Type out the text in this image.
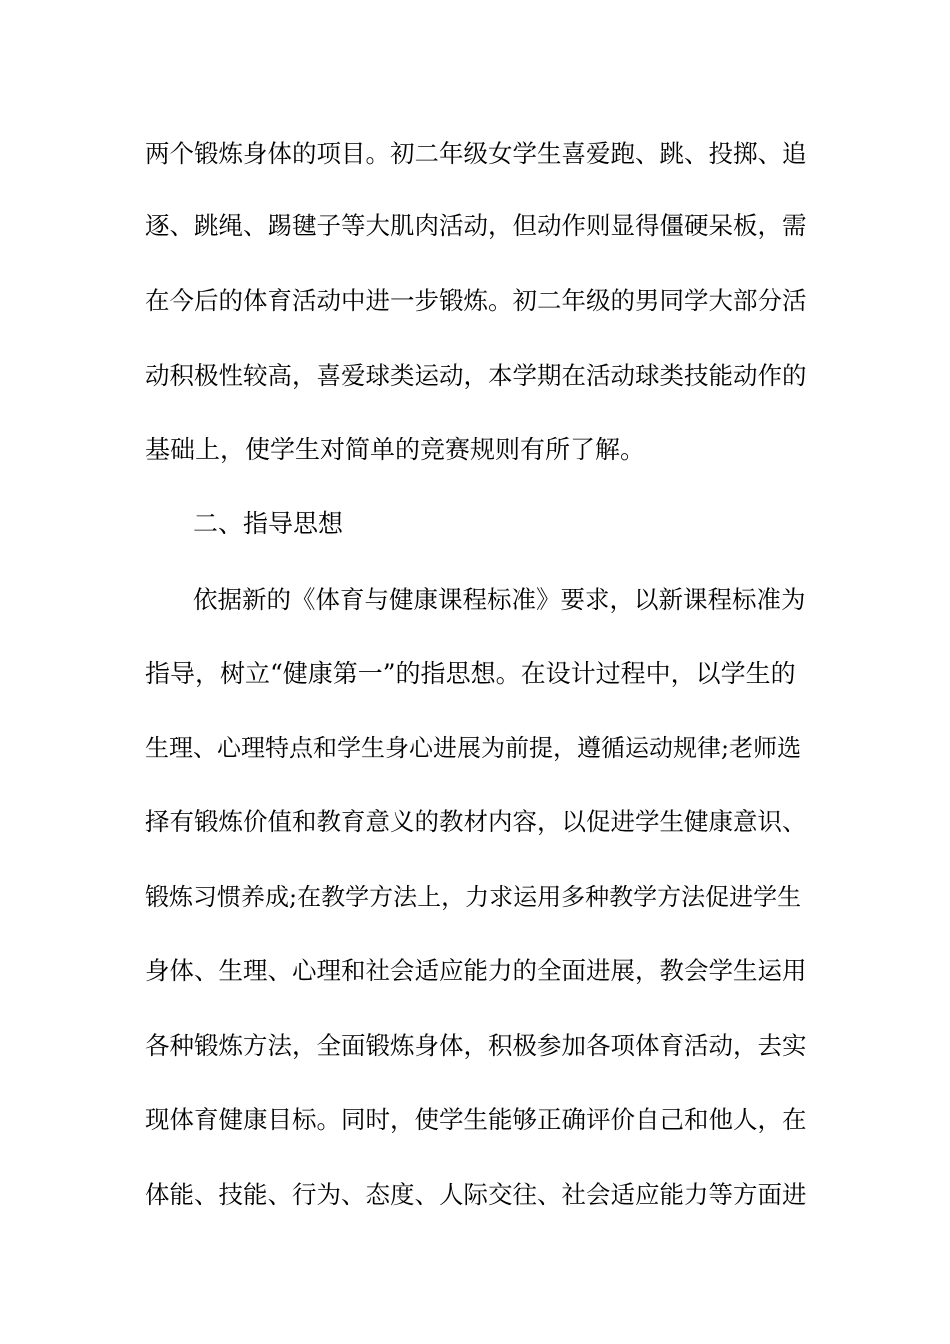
两个锻炼身体的项目。初二年级女学生喜爱跑、跳、投掷、追
逐、跳绳、踢毽子等大肌肉活动，但动作则显得僵硬呆板，需
在今后的体育活动中进一步锻炼。初二年级的男同学大部分活
动积极性较高，喜爱球类运动，本学期在活动球类技能动作的
基础上，使学生对简单的竞赛规则有所了解。
二、指导思想
依据新的《体育与健康课程标准》要求，以新课程标准为
指导，树立“健康第一”的指思想。在设计过程中，以学生的
生理、心理特点和学生身心进展为前提，遵循运动规律;老师选
择有锻炼价值和教育意义的教材内容，以促进学生健康意识、
锻炼习惯养成;在教学方法上，力求运用多种教学方法促进学生
身体、生理、心理和社会适应能力的全面进展，教会学生运用
各种锻炼方法，全面锻炼身体，积极参加各项体育活动，去实
现体育健康目标。同时，使学生能够正确评价自己和他人，在
体能、技能、行为、态度、人际交往、社会适应能力等方面进
